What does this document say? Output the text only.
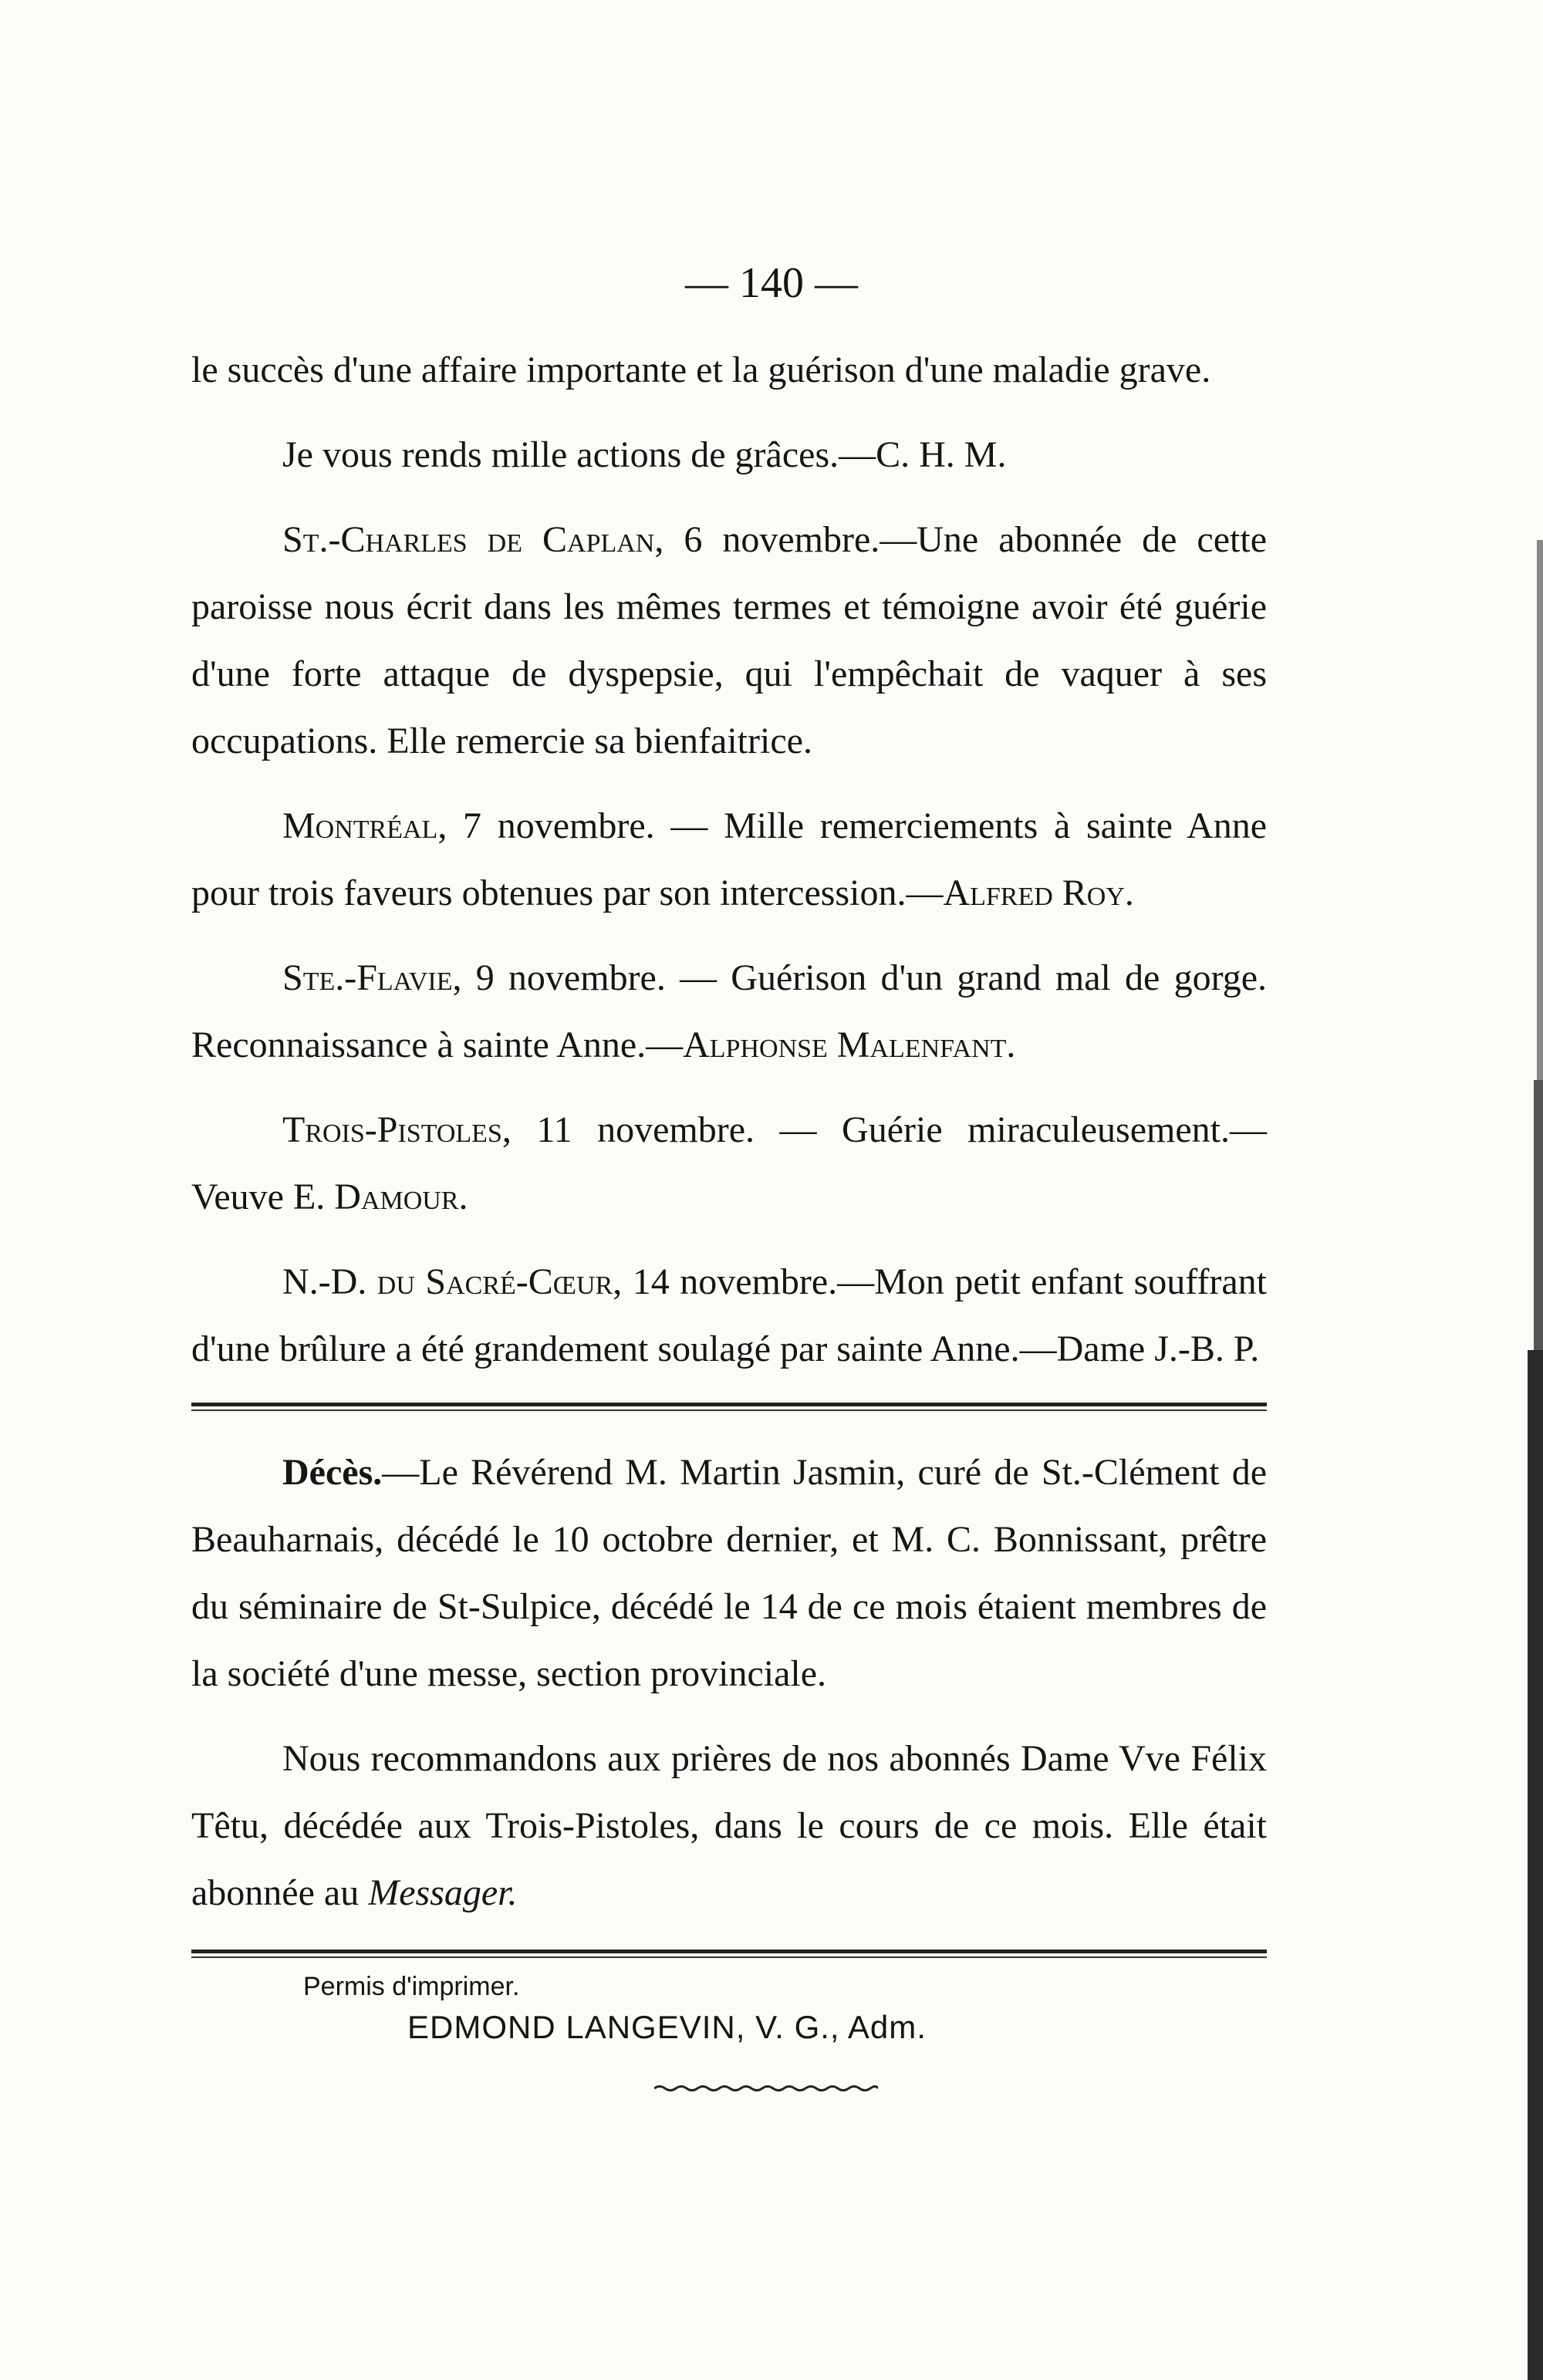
— 140 —

le succès d'une affaire importante et la guérison d'une maladie grave.

Je vous rends mille actions de grâces.—C. H. M.

St.-Charles de Caplan, 6 novembre.—Une abonnée de cette paroisse nous écrit dans les mêmes termes et témoigne avoir été guérie d'une forte attaque de dyspepsie, qui l'empêchait de vaquer à ses occupations. Elle remercie sa bienfaitrice.

Montréal, 7 novembre. — Mille remerciements à sainte Anne pour trois faveurs obtenues par son intercession.—Alfred Roy.

Ste.-Flavie, 9 novembre. — Guérison d'un grand mal de gorge. Reconnaissance à sainte Anne.—Alphonse Malenfant.

Trois-Pistoles, 11 novembre. — Guérie miraculeusement.—Veuve E. Damour.

N.-D. du Sacré-Cœur, 14 novembre.—Mon petit enfant souffrant d'une brûlure a été grandement soulagé par sainte Anne.—Dame J.-B. P.

Décès.—Le Révérend M. Martin Jasmin, curé de St.-Clément de Beauharnais, décédé le 10 octobre dernier, et M. C. Bonnissant, prêtre du séminaire de St-Sulpice, décédé le 14 de ce mois étaient membres de la société d'une messe, section provinciale.

Nous recommandons aux prières de nos abonnés Dame Vve Félix Têtu, décédée aux Trois-Pistoles, dans le cours de ce mois. Elle était abonnée au Messager.

Permis d'imprimer.
EDMOND LANGEVIN, V. G., Adm.
